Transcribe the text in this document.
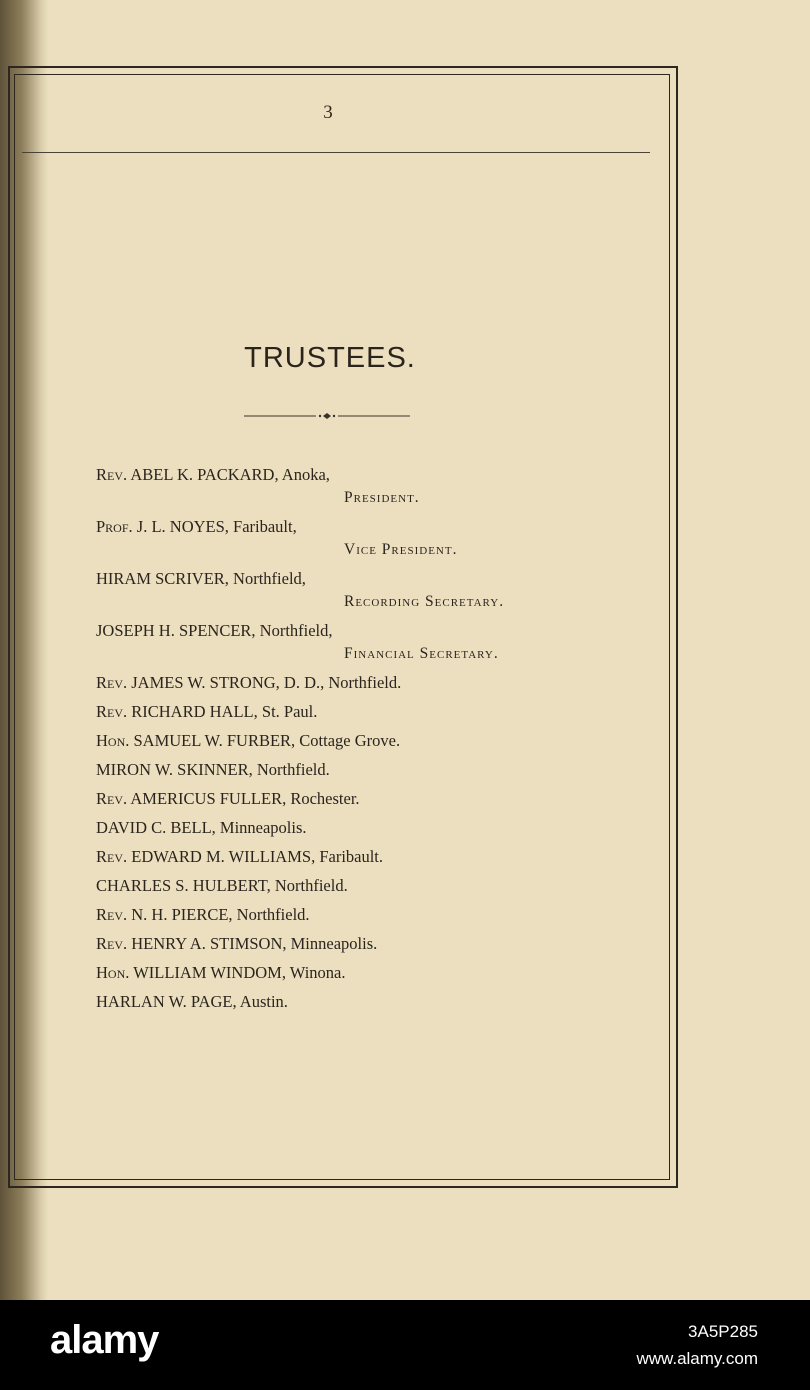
3
TRUSTEES.
Rev. ABEL K. PACKARD, Anoka,
President.
Prof. J. L. NOYES, Faribault,
Vice President.
HIRAM SCRIVER, Northfield,
Recording Secretary.
JOSEPH H. SPENCER, Northfield,
Financial Secretary.
Rev. JAMES W. STRONG, D. D., Northfield.
Rev. RICHARD HALL, St. Paul.
Hon. SAMUEL W. FURBER, Cottage Grove.
MIRON W. SKINNER, Northfield.
Rev. AMERICUS FULLER, Rochester.
DAVID C. BELL, Minneapolis.
Rev. EDWARD M. WILLIAMS, Faribault.
CHARLES S. HULBERT, Northfield.
Rev. N. H. PIERCE, Northfield.
Rev. HENRY A. STIMSON, Minneapolis.
Hon. WILLIAM WINDOM, Winona.
HARLAN W. PAGE, Austin.
alamy	3A5P285
www.alamy.com
